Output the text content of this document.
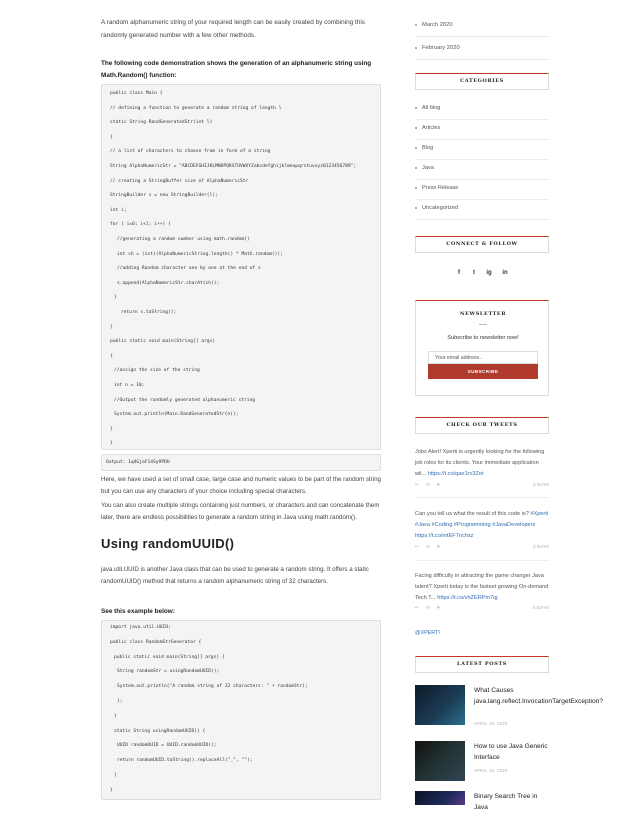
A random alphanumeric string of your required length can be easily created by combining this randomly generated number with a few other methods.

The following code demonstration shows the generation of an alphanumeric string using Math.Random() function:

public class Main {
// defining a function to generate a random string of length l
static String RandGeneratedStr(int l)
{
// a list of characters to choose from in form of a string
String AlphaNumericStr = "ABCDEFGHIJKLMNOPQRSTUVWXYZabcdefghijklmnopqrstuvxyz0123456789";
// creating a StringBuffer size of AlphaNumericStr
StringBuilder s = new StringBuilder(l);
int i;
for ( i=0; i<l; i++) {
//generating a random number using math.random()
int ch = (int)(AlphaNumericString.length() * Math.random());
//adding Random character one by one at the end of s
s.append(AlphaNumericStr.charAt(ch));
}
return s.toString();
}
public static void main(String[] args)
{
//assign the size of the string
int n = 10;
//Output the randomly generated alphanumeric string
System.out.println(Main.RandGeneratedStr(n));
}
}
Output: 1q4GjoF14Sy9PDU

Here, we have used a set of small case, large case and numeric values to be part of the random string but you can use any characters of your choice including special characters.

You can also create multiple strings containing just numbers, or characters and can concatenate them later, there are endless possibilities to generate a random string in Java using math.random().

Using randomUUID()

java.util.UUID is another Java class that can be used to generate a random string. It offers a static randomUUID() method that returns a random alphanumeric string of 32 characters.

See this example below:

import java.util.UUID;
public class RandomStrGenerator {
public static void main(String[] args) {
String randomStr = usingRandomUUID();
System.out.println("A random string of 32 characters: " + randomStr);
};
}
static String usingRandomUUID() {
UUID randomUUID = UUID.randomUUID();
return randomUUID.toString().replaceAll("_", "");
}
}
March 2020
February 2020
CATEGORIES
All blog
Articles
Blog
Java
Press Release
Uncategorized
CONNECT & FOLLOW
f	t	ig	in
NEWSLETTER
Subscribe to newsletter now!
Your email address..
SUBSCRIBE
CHECK OUR TWEETS

Jobs Alert! Xperti is urgently looking for the following job roles for its clients. Your immediate application wil... https://t.co/qae1rv3Zot

↩ ⟲ ♥	2 DAYS

Can you tell us what the result of this code is? #Xperti #Java #Coding #Programming #JavaDevelopers https://t.co/mtEF7nchsz

↩ ⟲ ♥	3 DAYS

Facing difficulty in attracting the game changer Java talent? Xperti today is the fastest growing On-demand Tech T... https://t.co/vhZERPm7ig

↩ ⟲ ♥	4 DAYS
@XPERTI
LATEST POSTS
What Causes java.lang.reflect.InvocationTargetException?
APRIL 16, 2020
How to use Java Generic Interface
APRIL 16, 2020
Binary Search Tree in Java
